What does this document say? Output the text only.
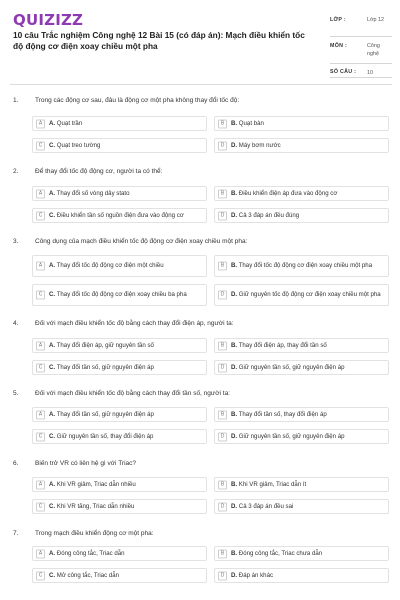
QUIZIZZ
10 câu Trắc nghiệm Công nghệ 12 Bài 15 (có đáp án): Mạch điều khiển tốc độ động cơ điện xoay chiều một pha
LỚP :	Lớp 12
MÔN :	Công nghệ
SỐ CÂU : 10
1.	Trong các động cơ sau, đâu là động cơ một pha không thay đổi tốc độ:
A	A. Quạt trần	B	B. Quạt bàn
C	C. Quạt treo tường	D	D. Máy bơm nước
2.	Để thay đổi tốc độ động cơ, người ta có thể:
A	A. Thay đổi số vòng dây stato	B	B. Điều khiển điện áp đưa vào động cơ
C	C. Điều khiển tần số nguồn điện đưa vào động cơ	D	D. Cả 3 đáp án đều đúng
3.	Công dụng của mạch điều khiển tốc độ động cơ điện xoay chiều một pha:
A	A. Thay đổi tốc độ động cơ điện một chiều	B	B. Thay đổi tốc độ động cơ điện xoay chiều một pha
C	C. Thay đổi tốc độ động cơ điện xoay chiều ba pha	D	D. Giữ nguyên tốc độ động cơ điện xoay chiều một pha
4.	Đối với mạch điều khiển tốc độ bằng cách thay đổi điện áp, người ta:
A	A. Thay đổi điện áp, giữ nguyên tần số	B	B. Thay đổi điện áp, thay đổi tần số
C	C. Thay đổi tần số, giữ nguyên điện áp	D	D. Giữ nguyên tần số, giữ nguyên điện áp
5.	Đối với mạch điều khiển tốc độ bằng cách thay đổi tần số, người ta:
A	A. Thay đổi tần số, giữ nguyên điện áp	B	B. Thay đổi tần số, thay đổi điện áp
C	C. Giữ nguyên tần số, thay đổi điện áp	D	D. Giữ nguyên tần số, giữ nguyên điện áp
6.	Biến trở VR có liên hệ gì với Triac?
A	A. Khi VR giảm, Triac dẫn nhiều	B	B. Khi VR giảm, Triac dẫn ít
C	C. Khi VR tăng, Triac dẫn nhiều	D	D. Cả 3 đáp án đều sai
7.	Trong mạch điều khiển động cơ một pha:
A	A. Đóng công tắc, Triac dẫn	B	B. Đóng công tắc, Triac chưa dẫn
C	C. Mở công tắc, Triac dẫn	D	D. Đáp án khác
